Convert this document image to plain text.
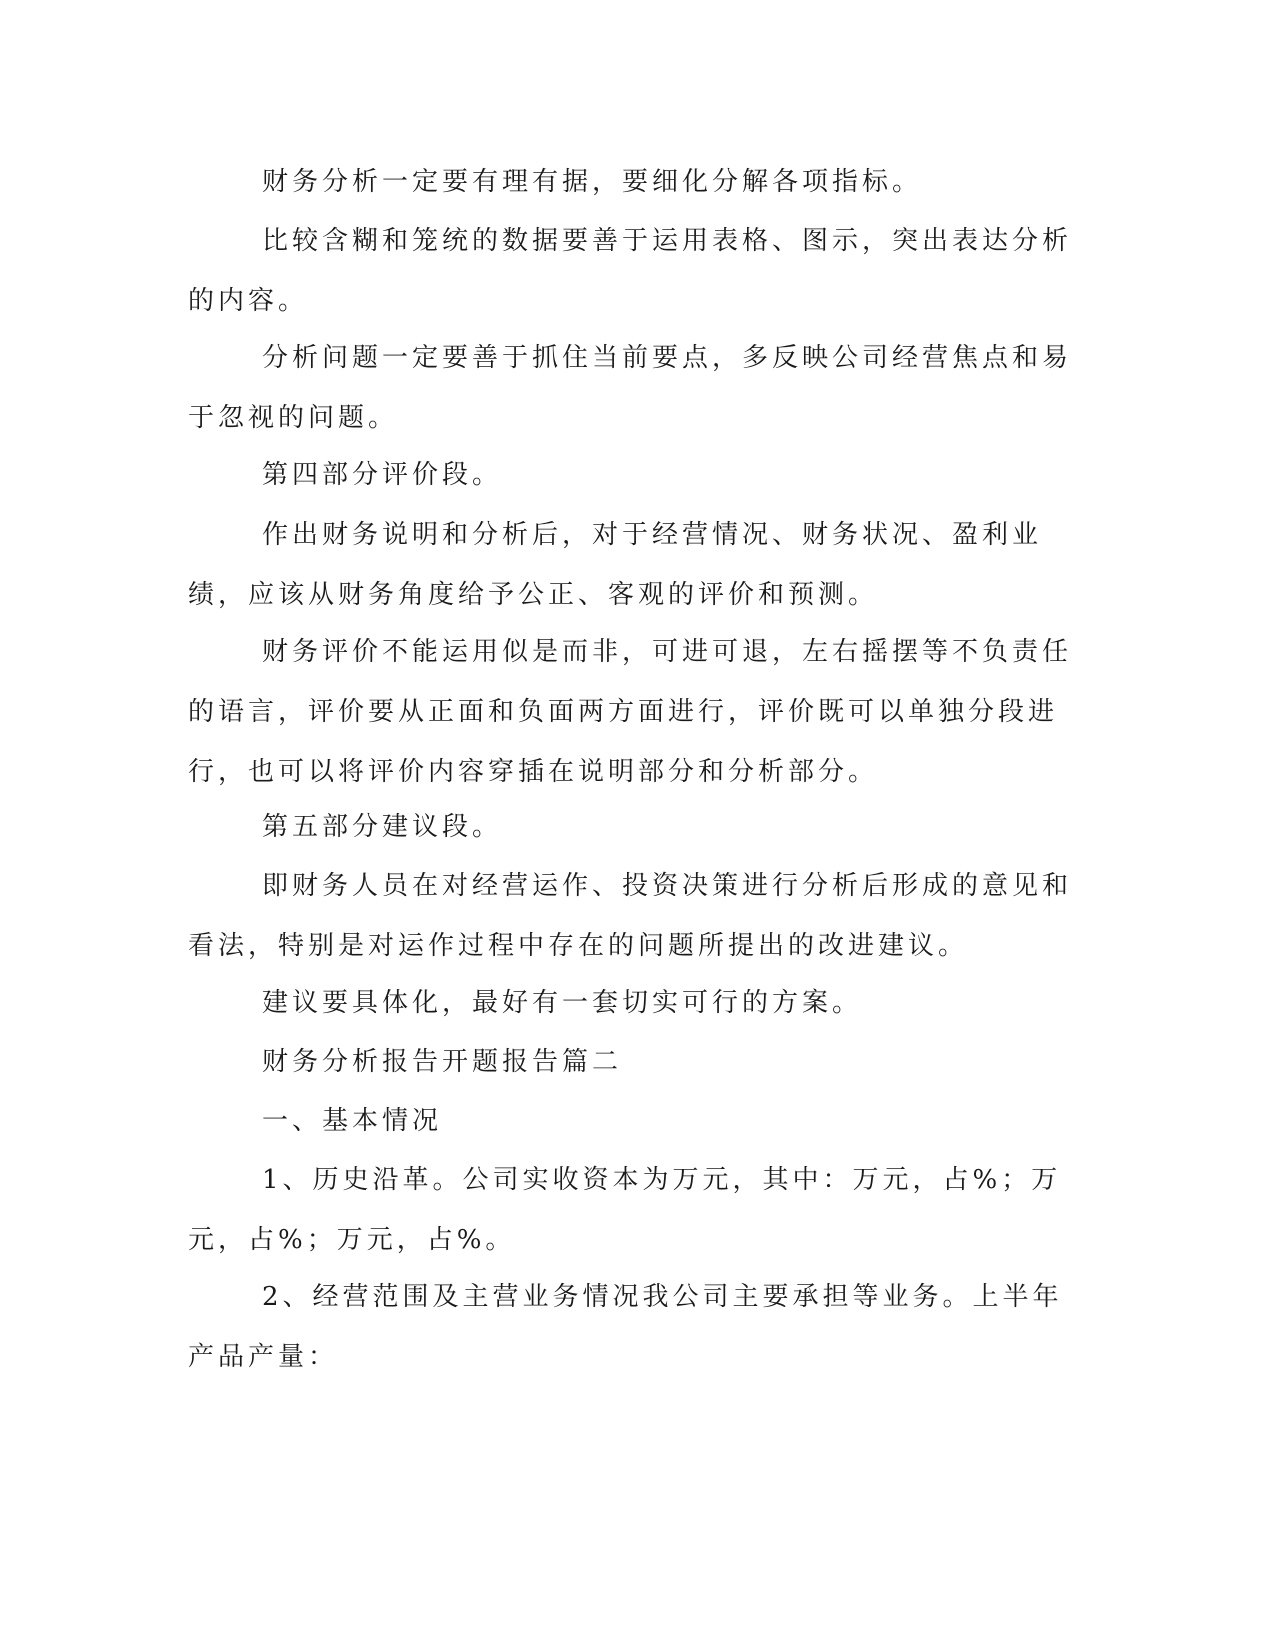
财务分析一定要有理有据，要细化分解各项指标。

比较含糊和笼统的数据要善于运用表格、图示，突出表达分析的内容。

分析问题一定要善于抓住当前要点，多反映公司经营焦点和易于忽视的问题。

第四部分评价段。

作出财务说明和分析后，对于经营情况、财务状况、盈利业绩，应该从财务角度给予公正、客观的评价和预测。

财务评价不能运用似是而非，可进可退，左右摇摆等不负责任的语言，评价要从正面和负面两方面进行，评价既可以单独分段进行，也可以将评价内容穿插在说明部分和分析部分。

第五部分建议段。

即财务人员在对经营运作、投资决策进行分析后形成的意见和看法，特别是对运作过程中存在的问题所提出的改进建议。

建议要具体化，最好有一套切实可行的方案。

财务分析报告开题报告篇二

一、基本情况

1、历史沿革。公司实收资本为万元，其中：万元，占%；万元，占%；万元，占%。

2、经营范围及主营业务情况我公司主要承担等业务。上半年产品产量：
